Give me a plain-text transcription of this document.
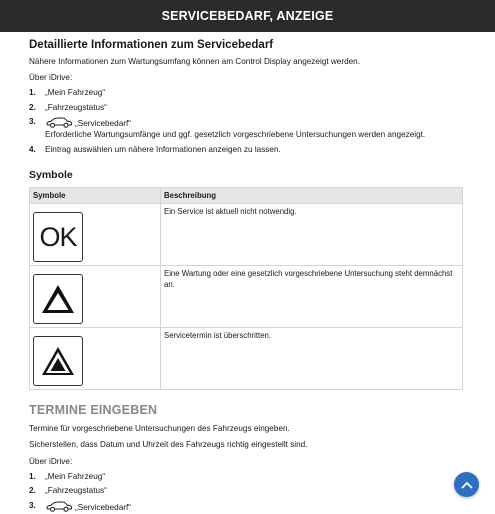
SERVICEBEDARF, ANZEIGE
Detaillierte Informationen zum Servicebedarf

Nähere Informationen zum Wartungsumfang können am Control Display angezeigt werden.

Über iDrive:

1.	„Mein Fahrzeug“
2.	„Fahrzeugstatus“
3.	„Servicebedarf“
Erforderliche Wartungsumfänge und ggf. gesetzlich vorgeschriebene Untersuchungen werden angezeigt.
4.	Eintrag auswählen um nähere Informationen anzeigen zu lassen.
Symbole
Symbole	Beschreibung

OK	Ein Service ist aktuell nicht notwendig.

	Eine Wartung oder eine gesetzlich vorgeschriebene Untersuchung steht demnächst an.

	Servicetermin ist überschritten.
TERMINE EINGEBEN

Termine für vorgeschriebene Untersuchungen des Fahrzeugs eingeben.

Sicherstellen, dass Datum und Uhrzeit des Fahrzeugs richtig eingestellt sind.

Über iDrive:

1.	„Mein Fahrzeug“
2.	„Fahrzeugstatus“
3.	„Servicebedarf“
